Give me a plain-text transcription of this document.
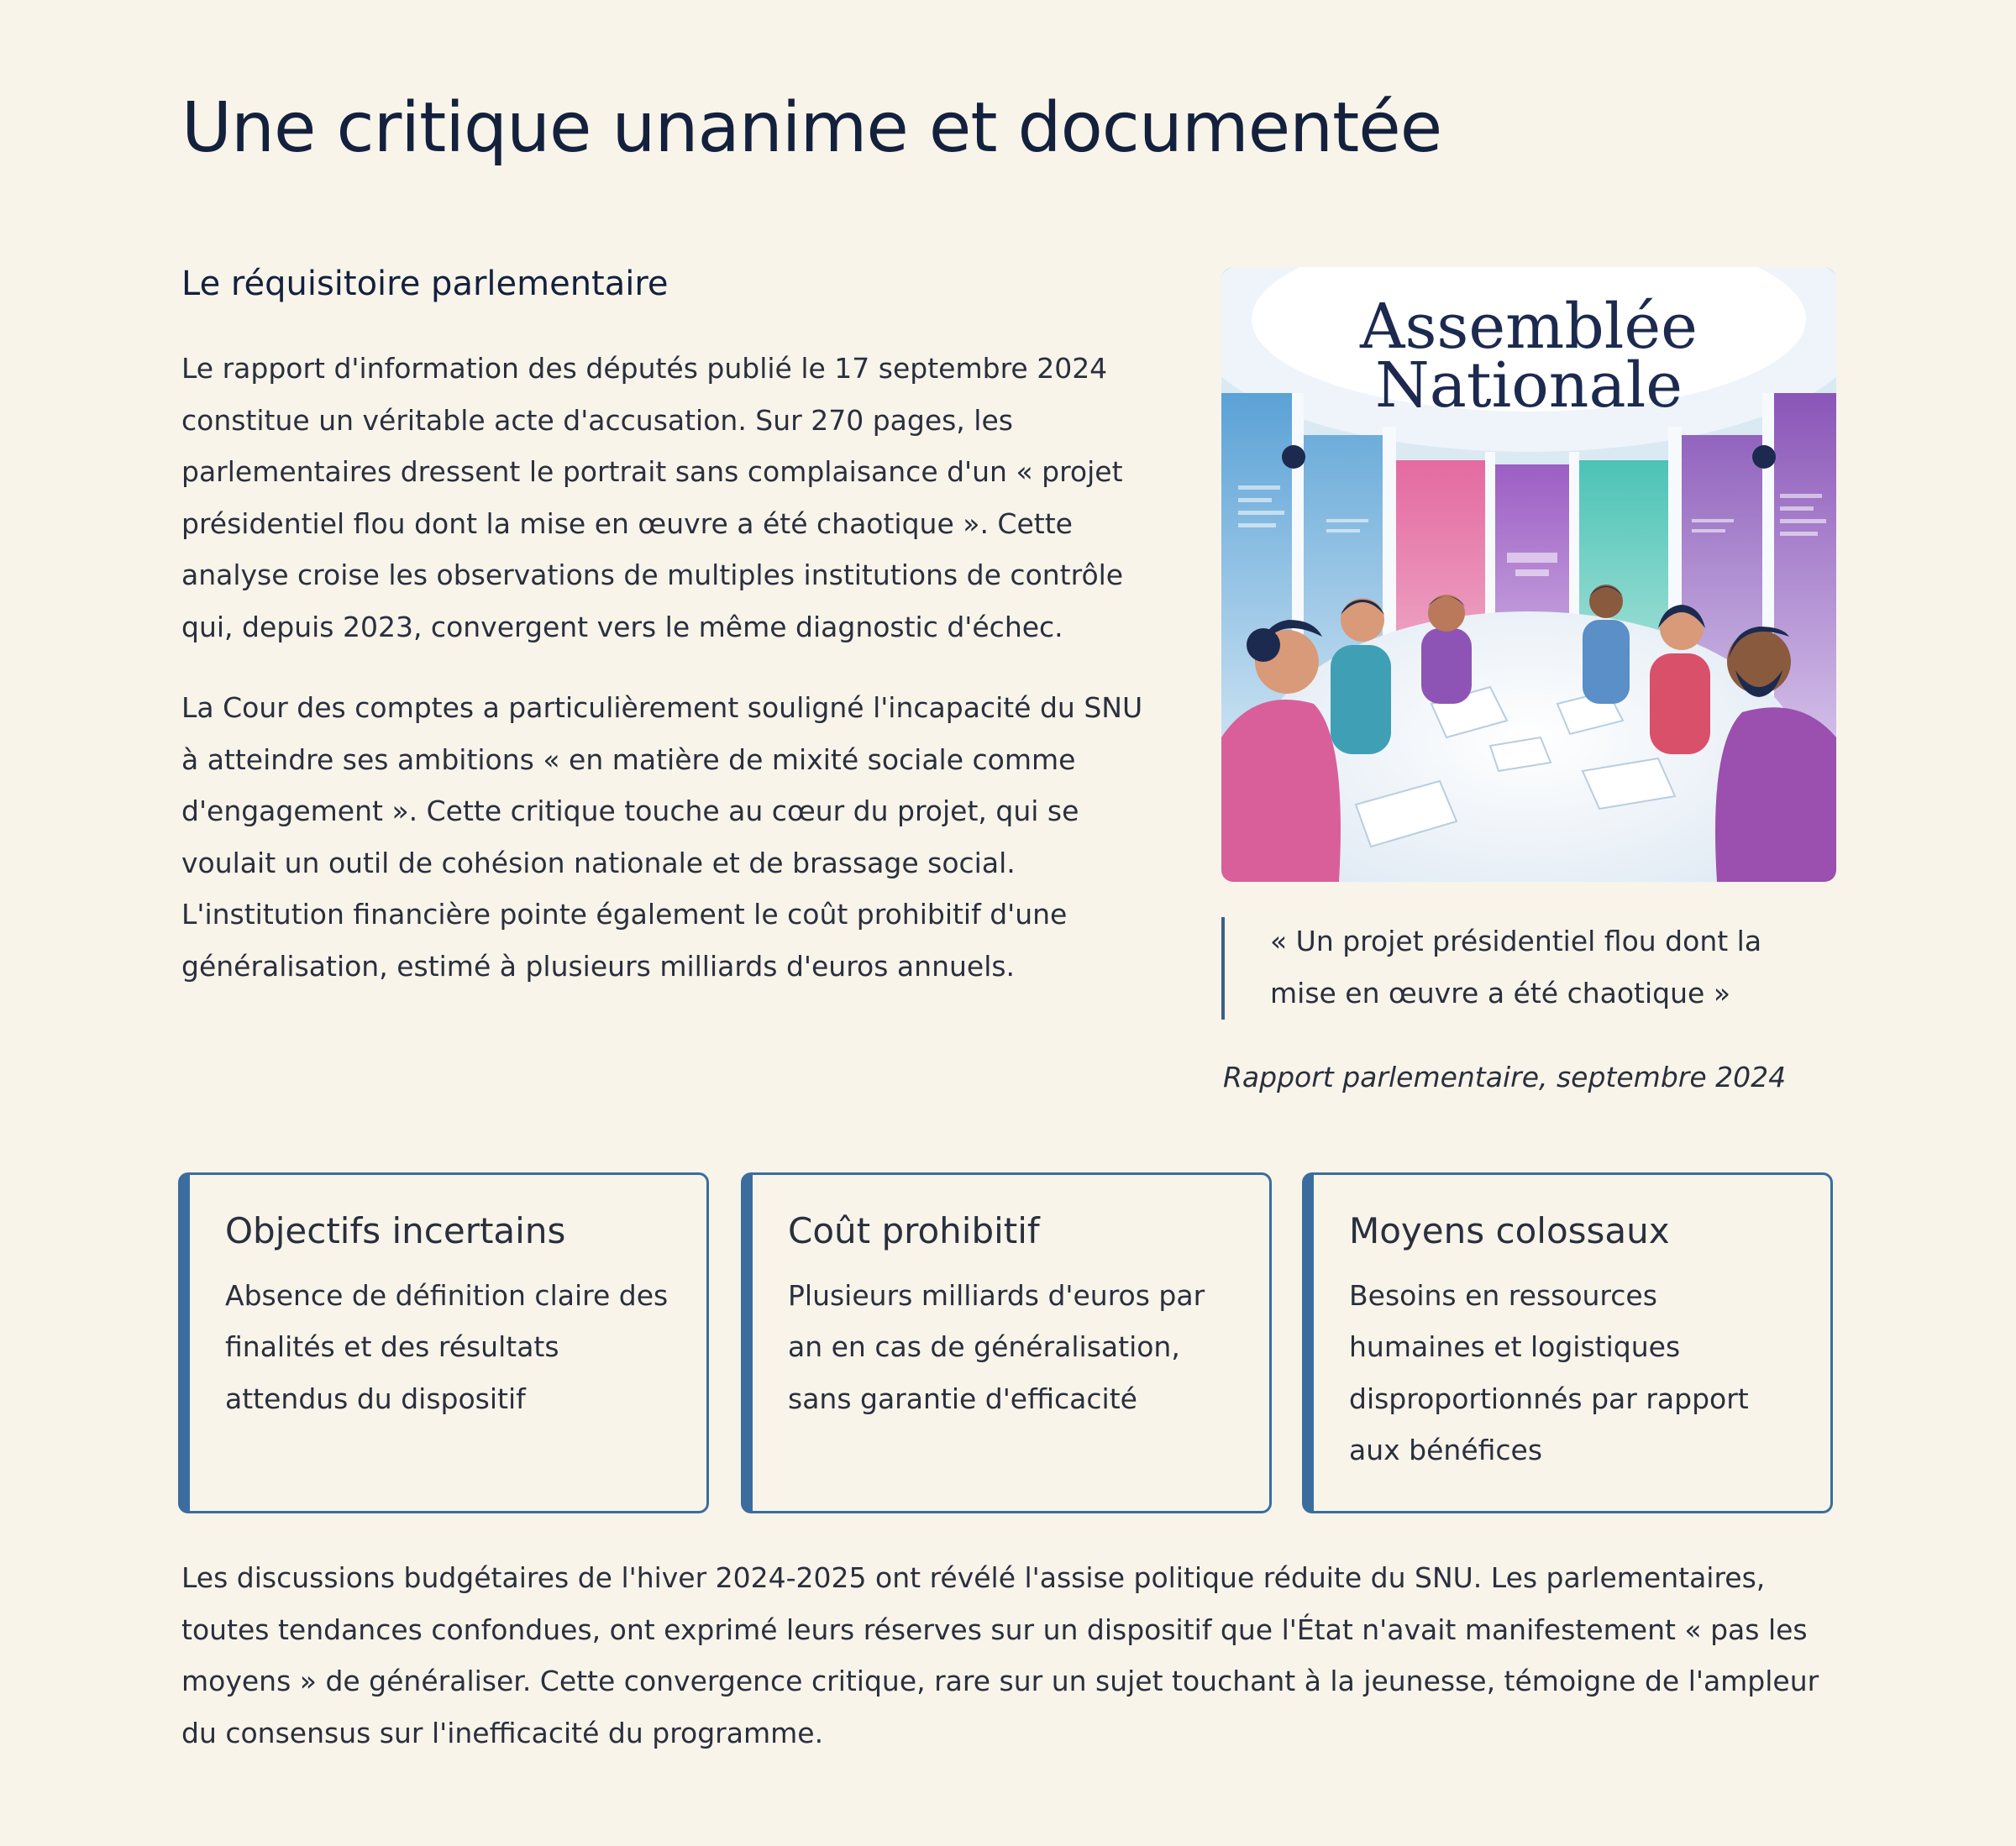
Une critique unanime et documentée
Le réquisitoire parlementaire

Le rapport d'information des députés publié le 17 septembre 2024 constitue un véritable acte d'accusation. Sur 270 pages, les parlementaires dressent le portrait sans complaisance d'un « projet présidentiel flou dont la mise en œuvre a été chaotique ». Cette analyse croise les observations de multiples institutions de contrôle qui, depuis 2023, convergent vers le même diagnostic d'échec.

La Cour des comptes a particulièrement souligné l'incapacité du SNU à atteindre ses ambitions « en matière de mixité sociale comme d'engagement ». Cette critique touche au cœur du projet, qui se voulait un outil de cohésion nationale et de brassage social. L'institution financière pointe également le coût prohibitif d'une généralisation, estimé à plusieurs milliards d'euros annuels.

Assemblée
Nationale
« Un projet présidentiel flou dont la mise en œuvre a été chaotique »
Rapport parlementaire, septembre 2024
Objectifs incertains

Absence de définition claire des finalités et des résultats attendus du dispositif

Coût prohibitif

Plusieurs milliards d'euros par an en cas de généralisation, sans garantie d'efficacité

Moyens colossaux

Besoins en ressources humaines et logistiques disproportionnés par rapport aux bénéfices

Les discussions budgétaires de l'hiver 2024-2025 ont révélé l'assise politique réduite du SNU. Les parlementaires, toutes tendances confondues, ont exprimé leurs réserves sur un dispositif que l'État n'avait manifestement « pas les moyens » de généraliser. Cette convergence critique, rare sur un sujet touchant à la jeunesse, témoigne de l'ampleur du consensus sur l'inefficacité du programme.
